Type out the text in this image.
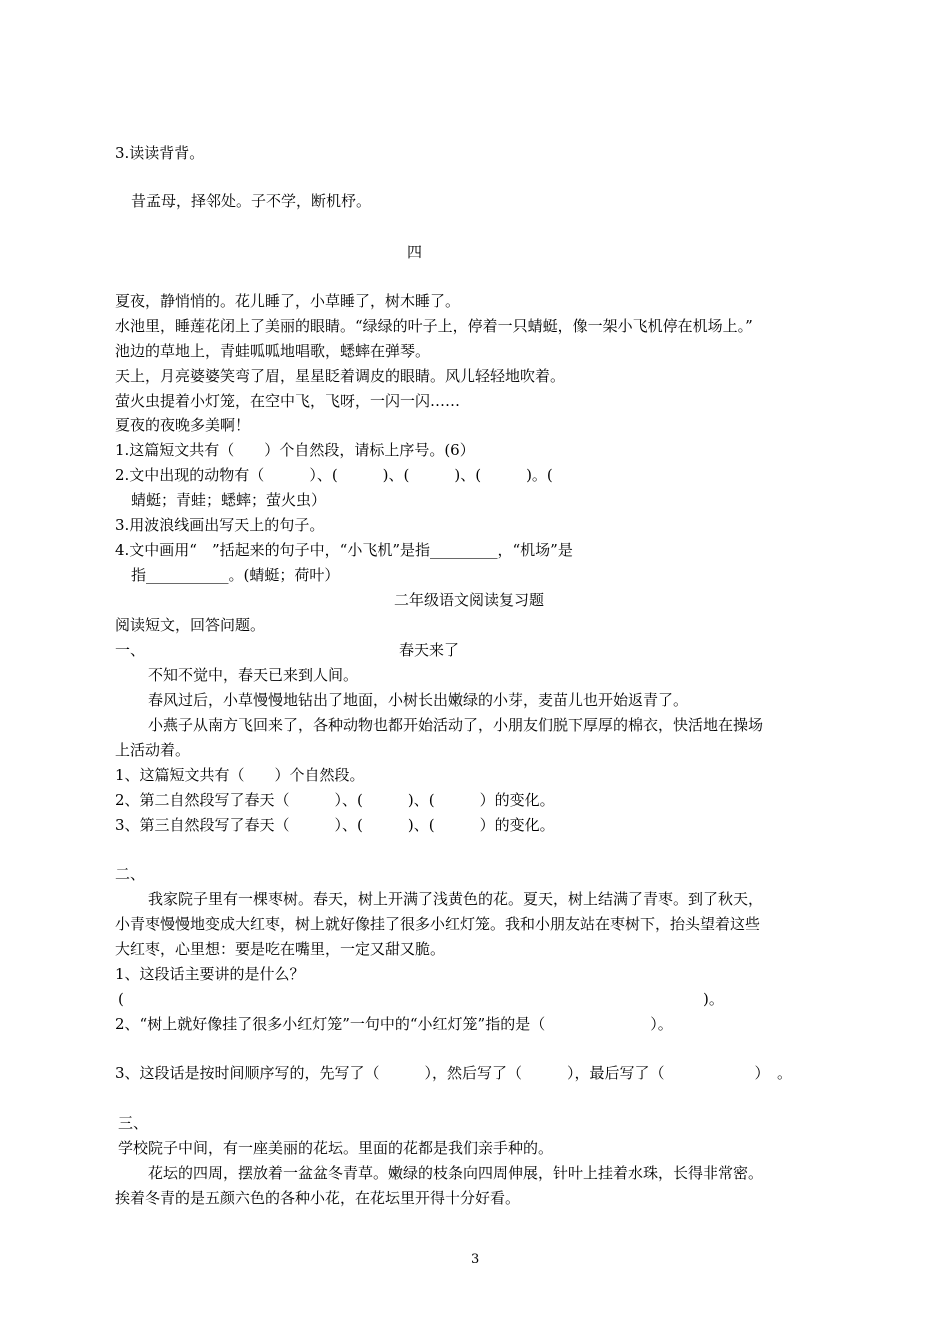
3.读读背背。
昔孟母，择邻处。子不学，断机杼。
四
夏夜，静悄悄的。花儿睡了，小草睡了，树木睡了。
水池里，睡莲花闭上了美丽的眼睛。“绿绿的叶子上，停着一只蜻蜓，像一架小飞机停在机场上。”
池边的草地上，青蛙呱呱地唱歌，蟋蟀在弹琴。
天上，月亮婆婆笑弯了眉，星星眨着调皮的眼睛。风儿轻轻地吹着。
萤火虫提着小灯笼，在空中飞，飞呀，一闪一闪……
夏夜的夜晚多美啊！
1.这篇短文共有（　　）个自然段，请标上序号。(6）
2.文中出现的动物有（　　　）、(　　　)、(　　　)、(　　　)。(
蜻蜓；青蛙；蟋蟀；萤火虫）
3.用波浪线画出写天上的句子。
4.文中画用“　”括起来的句子中，“小飞机”是指_________，“机场”是
指___________。(蜻蜓；荷叶）
二年级语文阅读复习题
阅读短文，回答问题。
一、	春天来了
不知不觉中，春天已来到人间。
春风过后，小草慢慢地钻出了地面，小树长出嫩绿的小芽，麦苗儿也开始返青了。
小燕子从南方飞回来了，各种动物也都开始活动了，小朋友们脱下厚厚的棉衣，快活地在操场
上活动着。
1、这篇短文共有（　　）个自然段。
2、第二自然段写了春天（　　　）、(　　　)、(　　　）的变化。
3、第三自然段写了春天（　　　）、(　　　)、(　　　）的变化。
二、
我家院子里有一棵枣树。春天，树上开满了浅黄色的花。夏天，树上结满了青枣。到了秋天，
小青枣慢慢地变成大红枣，树上就好像挂了很多小红灯笼。我和小朋友站在枣树下，抬头望着这些
大红枣，心里想：要是吃在嘴里，一定又甜又脆。
1、这段话主要讲的是什么？
(	)。
2、“树上就好像挂了很多小红灯笼”一句中的“小红灯笼”指的是（　　　　　　　）。
3、这段话是按时间顺序写的，先写了（　　　），然后写了（　　　），最后写了（　　　　　　）　。
三、
学校院子中间，有一座美丽的花坛。里面的花都是我们亲手种的。
花坛的四周，摆放着一盆盆冬青草。嫩绿的枝条向四周伸展，针叶上挂着水珠，长得非常密。
挨着冬青的是五颜六色的各种小花，在花坛里开得十分好看。
3
